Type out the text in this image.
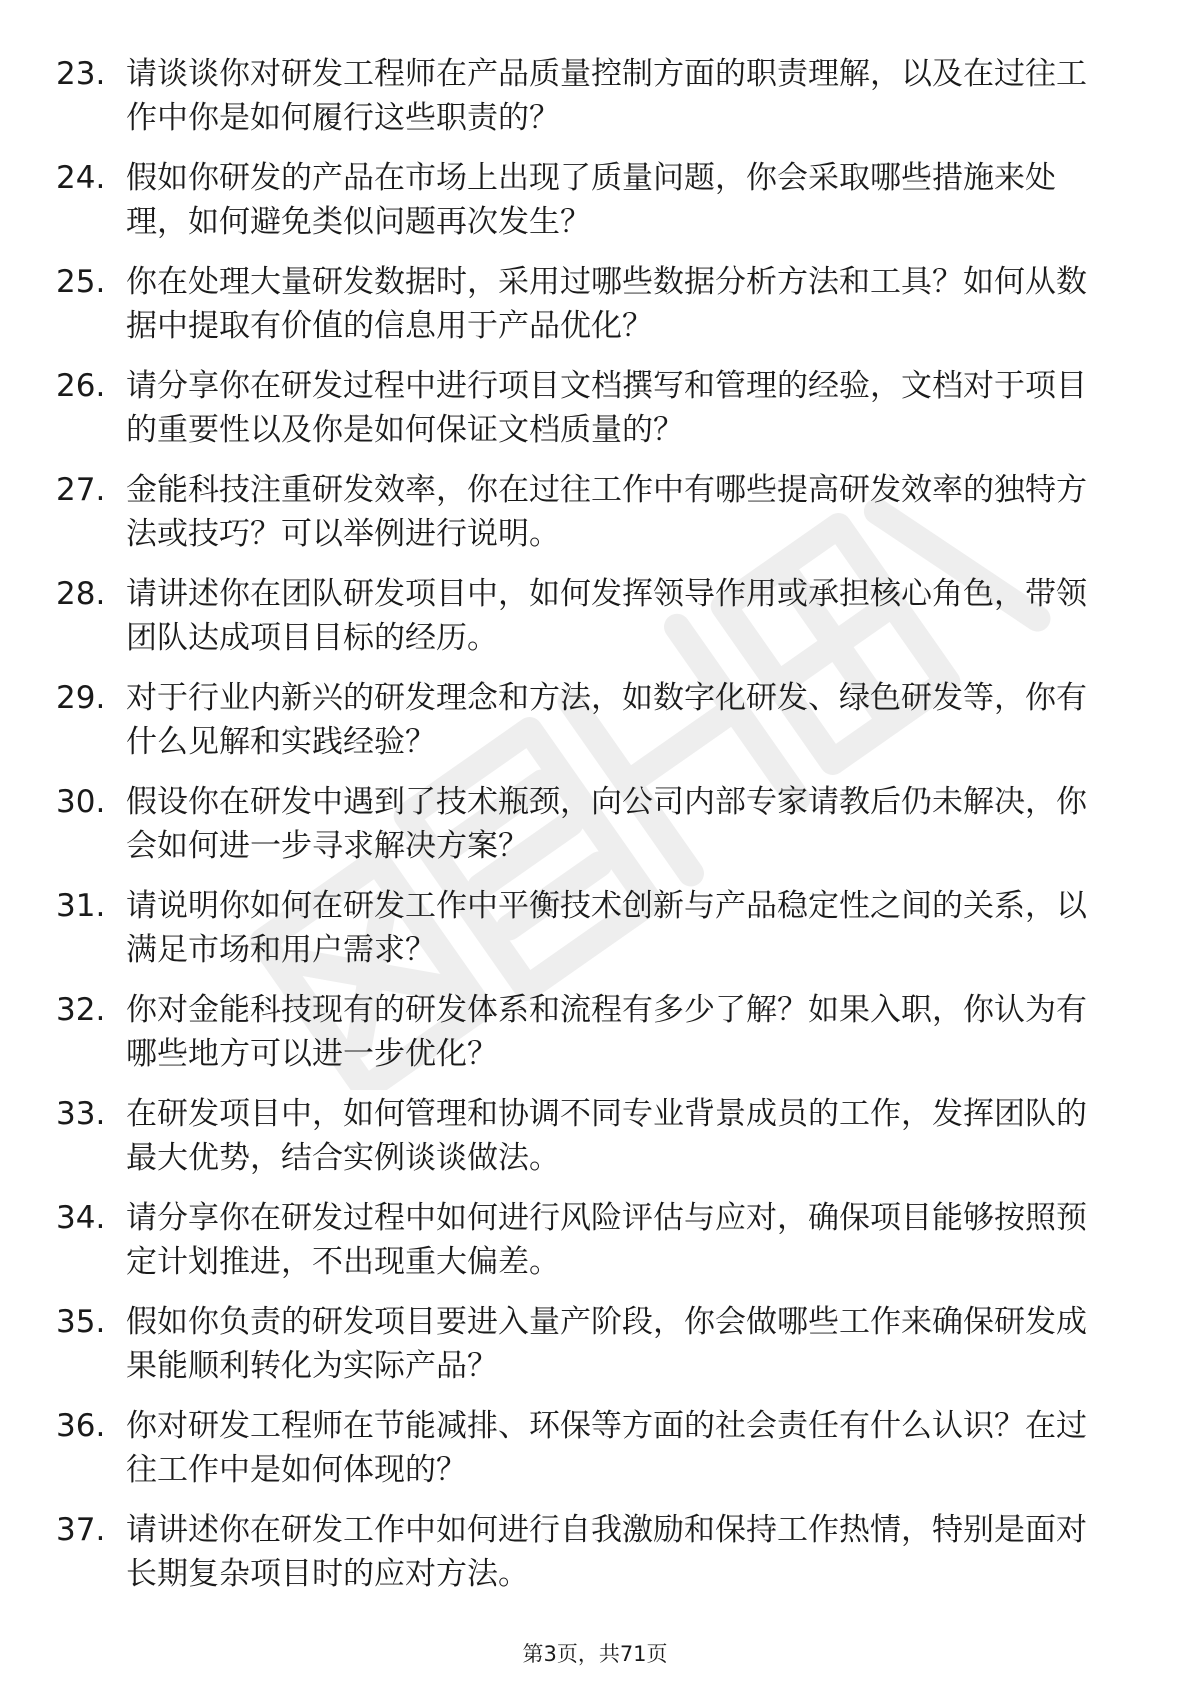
23. 请谈谈你对研发工程师在产品质量控制方面的职责理解，以及在过往工作中你是如何履行这些职责的？
24. 假如你研发的产品在市场上出现了质量问题，你会采取哪些措施来处理，如何避免类似问题再次发生？
25. 你在处理大量研发数据时，采用过哪些数据分析方法和工具？如何从数据中提取有价值的信息用于产品优化？
26. 请分享你在研发过程中进行项目文档撰写和管理的经验，文档对于项目的重要性以及你是如何保证文档质量的？
27. 金能科技注重研发效率，你在过往工作中有哪些提高研发效率的独特方法或技巧？可以举例进行说明。
28. 请讲述你在团队研发项目中，如何发挥领导作用或承担核心角色，带领团队达成项目目标的经历。
29. 对于行业内新兴的研发理念和方法，如数字化研发、绿色研发等，你有什么见解和实践经验？
30. 假设你在研发中遇到了技术瓶颈，向公司内部专家请教后仍未解决，你会如何进一步寻求解决方案？
31. 请说明你如何在研发工作中平衡技术创新与产品稳定性之间的关系，以满足市场和用户需求？
32. 你对金能科技现有的研发体系和流程有多少了解？如果入职，你认为有哪些地方可以进一步优化？
33. 在研发项目中，如何管理和协调不同专业背景成员的工作，发挥团队的最大优势，结合实例谈谈做法。
34. 请分享你在研发过程中如何进行风险评估与应对，确保项目能够按照预定计划推进，不出现重大偏差。
35. 假如你负责的研发项目要进入量产阶段，你会做哪些工作来确保研发成果能顺利转化为实际产品？
36. 你对研发工程师在节能减排、环保等方面的社会责任有什么认识？在过往工作中是如何体现的？
37. 请讲述你在研发工作中如何进行自我激励和保持工作热情，特别是面对长期复杂项目时的应对方法。
第3页，共71页
